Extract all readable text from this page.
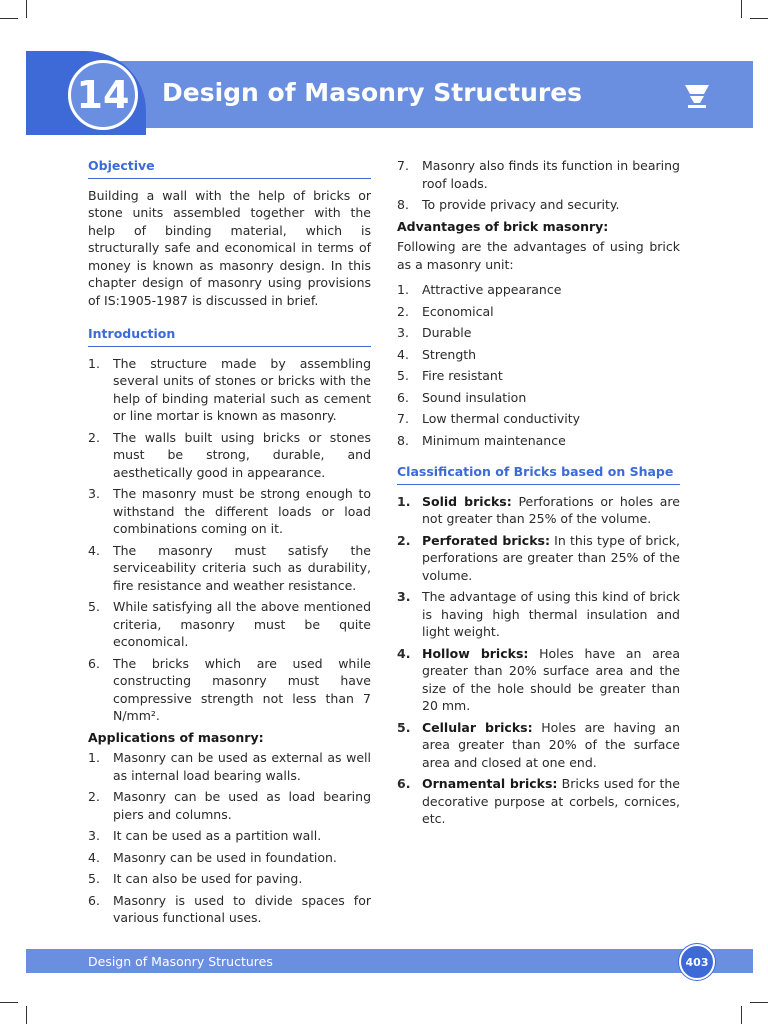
14	Design of Masonry Structures
Objective

Building a wall with the help of bricks or stone units assembled together with the help of binding material, which is structurally safe and economical in terms of money is known as masonry design. In this chapter design of masonry using provisions of IS:1905-1987 is discussed in brief.

Introduction
1. The structure made by assembling several units of stones or bricks with the help of binding material such as cement or line mortar is known as masonry.
2. The walls built using bricks or stones must be strong, durable, and aesthetically good in appearance.
3. The masonry must be strong enough to withstand the different loads or load combinations coming on it.
4. The masonry must satisfy the serviceability criteria such as durability, fire resistance and weather resistance.
5. While satisfying all the above mentioned criteria, masonry must be quite economical.
6. The bricks which are used while constructing masonry must have compressive strength not less than 7 N/mm².
Applications of masonry:
1. Masonry can be used as external as well as internal load bearing walls.
2. Masonry can be used as load bearing piers and columns.
3. It can be used as a partition wall.
4. Masonry can be used in foundation.
5. It can also be used for paving.
6. Masonry is used to divide spaces for various functional uses.
7. Masonry also finds its function in bearing roof loads.
8. To provide privacy and security.
Advantages of brick masonry:

Following are the advantages of using brick as a masonry unit:

1. Attractive appearance
2. Economical
3. Durable
4. Strength
5. Fire resistant
6. Sound insulation
7. Low thermal conductivity
8. Minimum maintenance
Classification of Bricks based on Shape
1. Solid bricks: Perforations or holes are not greater than 25% of the volume.
2. Perforated bricks: In this type of brick, perforations are greater than 25% of the volume.
3. The advantage of using this kind of brick is having high thermal insulation and light weight.
4. Hollow bricks: Holes have an area greater than 20% surface area and the size of the hole should be greater than 20 mm.
5. Cellular bricks: Holes are having an area greater than 20% of the surface area and closed at one end.
6. Ornamental bricks: Bricks used for the decorative purpose at corbels, cornices, etc.
Design of Masonry Structures	403
